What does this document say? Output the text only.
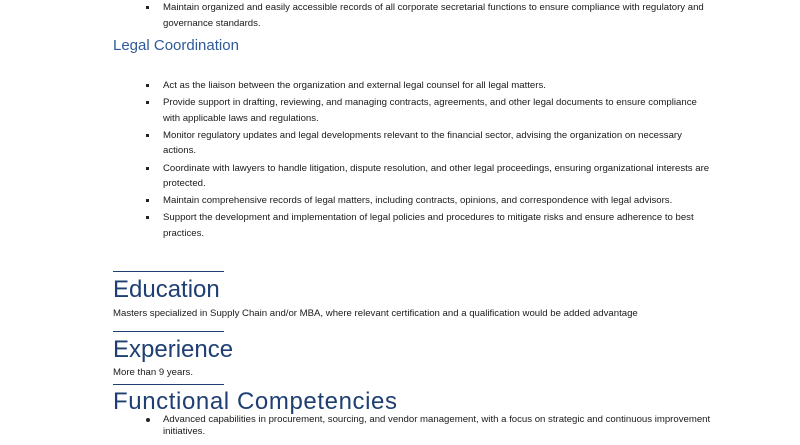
Maintain organized and easily accessible records of all corporate secretarial functions to ensure compliance with regulatory and governance standards.
Legal Coordination
Act as the liaison between the organization and external legal counsel for all legal matters.
Provide support in drafting, reviewing, and managing contracts, agreements, and other legal documents to ensure compliance with applicable laws and regulations.
Monitor regulatory updates and legal developments relevant to the financial sector, advising the organization on necessary actions.
Coordinate with lawyers to handle litigation, dispute resolution, and other legal proceedings, ensuring organizational interests are protected.
Maintain comprehensive records of legal matters, including contracts, opinions, and correspondence with legal advisors.
Support the development and implementation of legal policies and procedures to mitigate risks and ensure adherence to best practices.
Education
Masters specialized in Supply Chain and/or MBA, where relevant certification and a qualification would be added advantage
Experience
More than 9 years.
Functional Competencies
Advanced capabilities in procurement, sourcing, and vendor management, with a focus on strategic and continuous improvement initiatives.
